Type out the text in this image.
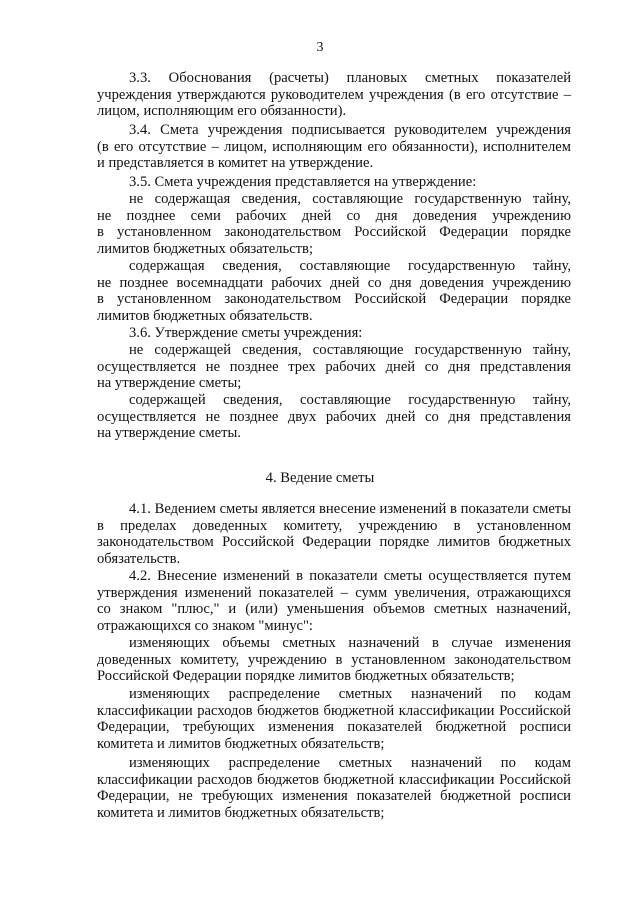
3
3.3. Обоснования (расчеты) плановых сметных показателей
учреждения утверждаются руководителем учреждения (в его отсутствие –
лицом, исполняющим его обязанности).
3.4. Смета учреждения подписывается руководителем учреждения
(в его отсутствие – лицом, исполняющим его обязанности), исполнителем
и представляется в комитет на утверждение.
3.5. Смета учреждения представляется на утверждение:
не содержащая сведения, составляющие государственную тайну,
не позднее семи рабочих дней со дня доведения учреждению
в установленном законодательством Российской Федерации порядке
лимитов бюджетных обязательств;
содержащая сведения, составляющие государственную тайну,
не позднее восемнадцати рабочих дней со дня доведения учреждению
в установленном законодательством Российской Федерации порядке
лимитов бюджетных обязательств.
3.6. Утверждение сметы учреждения:
не содержащей сведения, составляющие государственную тайну,
осуществляется не позднее трех рабочих дней со дня представления
на утверждение сметы;
содержащей сведения, составляющие государственную тайну,
осуществляется не позднее двух рабочих дней со дня представления
на утверждение сметы.
4.1. Ведением сметы является внесение изменений в показатели сметы
в пределах доведенных комитету, учреждению в установленном
законодательством Российской Федерации порядке лимитов бюджетных
обязательств.
4.2. Внесение изменений в показатели сметы осуществляется путем
утверждения изменений показателей – сумм увеличения, отражающихся
со знаком "плюс," и (или) уменьшения объемов сметных назначений,
отражающихся со знаком "минус":
изменяющих объемы сметных назначений в случае изменения
доведенных комитету, учреждению в установленном законодательством
Российской Федерации порядке лимитов бюджетных обязательств;
изменяющих распределение сметных назначений по кодам
классификации расходов бюджетов бюджетной классификации Российской
Федерации, требующих изменения показателей бюджетной росписи
комитета и лимитов бюджетных обязательств;
изменяющих распределение сметных назначений по кодам
классификации расходов бюджетов бюджетной классификации Российской
Федерации, не требующих изменения показателей бюджетной росписи
комитета и лимитов бюджетных обязательств;
4. Ведение сметы
